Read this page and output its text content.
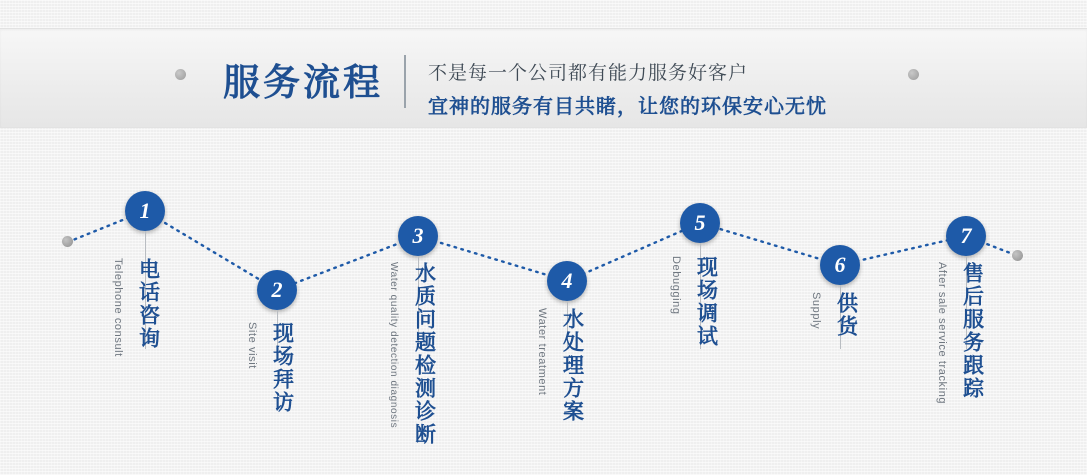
服务流程 不是每一个公司都有能力服务好客户
宜神的服务有目共睹，让您的环保安心无忧
1
Telephone consult 电话咨询	2
Site visit 现场拜访
3
Water quality detection diagnosis 水质问题检测诊断	4
Water treatment 水处理方案
5
Debugging 现场调试	6
Supply 供货
7
After sale service tracking 售后服务跟踪
